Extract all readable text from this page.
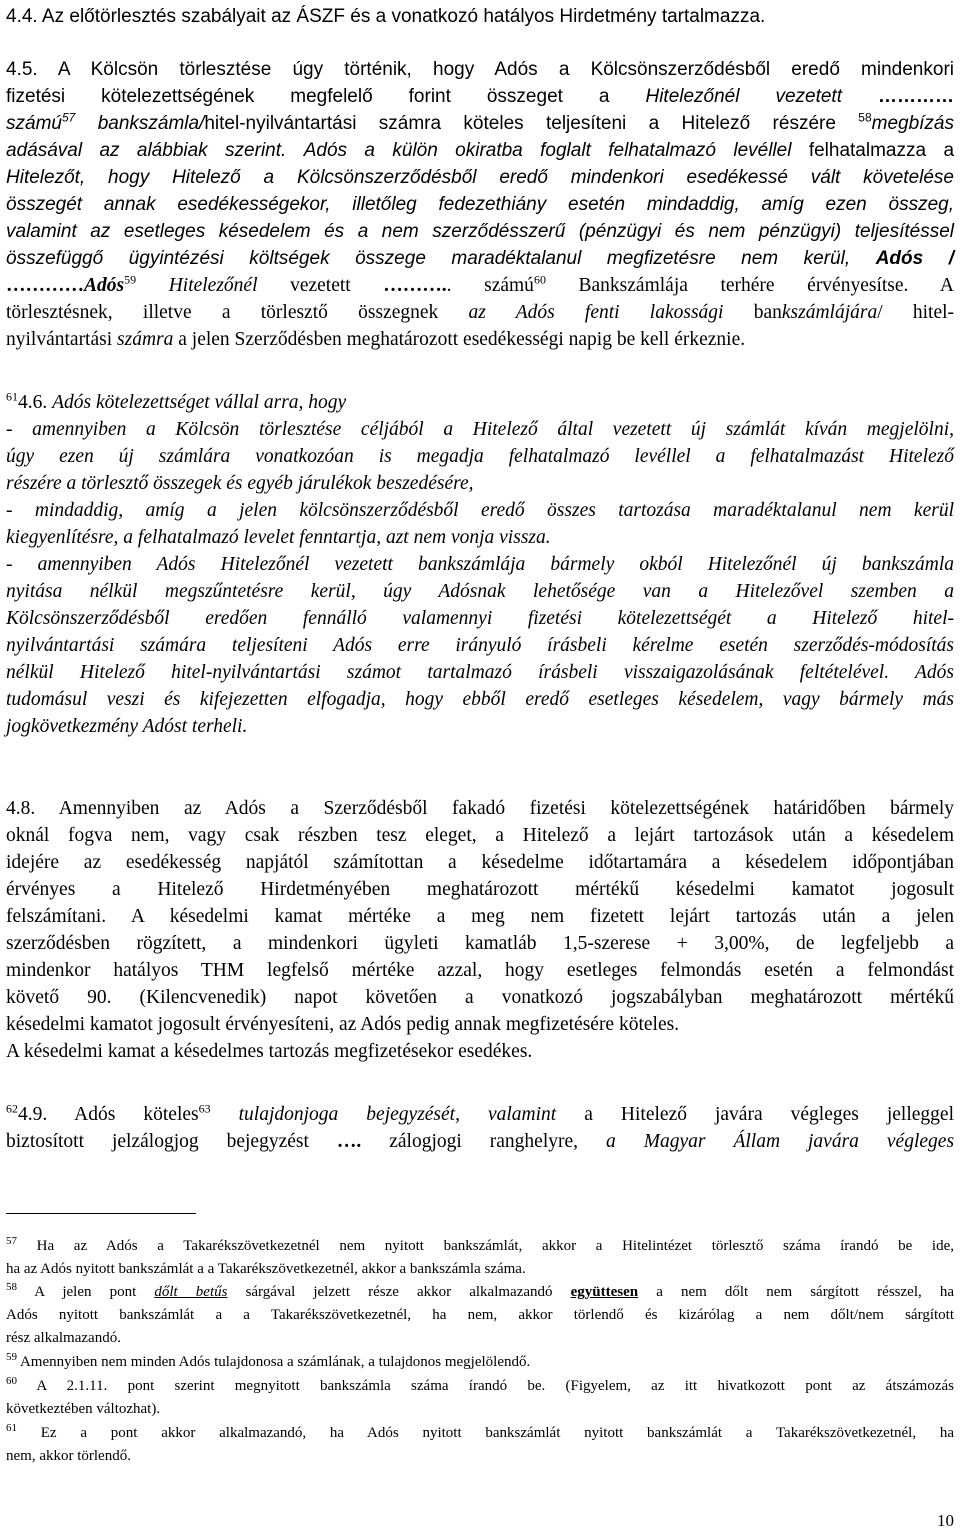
4.4. Az előtörlesztés szabályait az ÁSZF és a vonatkozó hatályos Hirdetmény tartalmazza.
4.5. A Kölcsön törlesztése úgy történik, hogy Adós a Kölcsönszerződésből eredő mindenkori
fizetési kötelezettségének megfelelő forint összeget a Hitelezőnél vezetett …………
számú$^{57}$ bankszámla/hitel-nyilvántartási számra köteles teljesíteni a Hitelező részére $^{58}$megbízás
adásával az alábbiak szerint. Adós a külön okiratba foglalt felhatalmazó levéllel felhatalmazza a
Hitelezőt, hogy Hitelező a Kölcsönszerződésből eredő mindenkori esedékessé vált követelése
összegét annak esedékességekor, illetőleg fedezethiány esetén mindaddig, amíg ezen összeg,
valamint az esetleges késedelem és a nem szerződésszerű (pénzügyi és nem pénzügyi) teljesítéssel
összefüggő ügyintézési költségek összege maradéktalanul megfizetésre nem kerül, Adós /
…………Adós$^{59}$ Hitelezőnél vezetett ……….. számú$^{60}$ Bankszámlája terhére érvényesítse. A
törlesztésnek, illetve a törlesztő összegnek az Adós fenti lakossági bankszámlájára/ hitel-
nyilvántartási számra a jelen Szerződésben meghatározott esedékességi napig be kell érkeznie.
$^{61}$4.6. Adós kötelezettséget vállal arra, hogy
- amennyiben a Kölcsön törlesztése céljából a Hitelező által vezetett új számlát kíván megjelölni,
úgy ezen új számlára vonatkozóan is megadja felhatalmazó levéllel a felhatalmazást Hitelező
részére a törlesztő összegek és egyéb járulékok beszedésére,
- mindaddig, amíg a jelen kölcsönszerződésből eredő összes tartozása maradéktalanul nem kerül
kiegyenlítésre, a felhatalmazó levelet fenntartja, azt nem vonja vissza.
- amennyiben Adós Hitelezőnél vezetett bankszámlája bármely okból Hitelezőnél új bankszámla
nyitása nélkül megszűntetésre kerül, úgy Adósnak lehetősége van a Hitelezővel szemben a
Kölcsönszerződésből eredően fennálló valamennyi fizetési kötelezettségét a Hitelező hitel-
nyilvántartási számára teljesíteni Adós erre irányuló írásbeli kérelme esetén szerződés-módosítás
nélkül Hitelező hitel-nyilvántartási számot tartalmazó írásbeli visszaigazolásának feltételével. Adós
tudomásul veszi és kifejezetten elfogadja, hogy ebből eredő esetleges késedelem, vagy bármely más
jogkövetkezmény Adóst terheli.
4.8. Amennyiben az Adós a Szerződésből fakadó fizetési kötelezettségének határidőben bármely
oknál fogva nem, vagy csak részben tesz eleget, a Hitelező a lejárt tartozások után a késedelem
idejére az esedékesség napjától számítottan a késedelme időtartamára a késedelem időpontjában
érvényes a Hitelező Hirdetményében meghatározott mértékű késedelmi kamatot jogosult
felszámítani. A késedelmi kamat mértéke a meg nem fizetett lejárt tartozás után a jelen
szerződésben rögzített, a mindenkori ügyleti kamatláb 1,5-szerese + 3,00%, de legfeljebb a
mindenkor hatályos THM legfelső mértéke azzal, hogy esetleges felmondás esetén a felmondást
követő 90. (Kilencvenedik) napot követően a vonatkozó jogszabályban meghatározott mértékű
késedelmi kamatot jogosult érvényesíteni, az Adós pedig annak megfizetésére köteles.
A késedelmi kamat a késedelmes tartozás megfizetésekor esedékes.
$^{62}$4.9. Adós köteles$^{63}$ tulajdonjoga bejegyzését, valamint a Hitelező javára végleges jelleggel
biztosított jelzálogjog bejegyzést …. zálogjogi ranghelyre, a Magyar Állam javára végleges
$^{57}$ Ha az Adós a Takarékszövetkezetnél nem nyitott bankszámlát, akkor a Hitelintézet törlesztő száma írandó be ide,
ha az Adós nyitott bankszámlát a a Takarékszövetkezetnél, akkor a bankszámla száma.
$^{58}$ A jelen pont dőlt betűs sárgával jelzett része akkor alkalmazandó együttesen a nem dőlt nem sárgított résszel, ha
Adós nyitott bankszámlát a a Takarékszövetkezetnél, ha nem, akkor törlendő és kizárólag a nem dőlt/nem sárgított
rész alkalmazandó.
$^{59}$ Amennyiben nem minden Adós tulajdonosa a számlának, a tulajdonos megjelölendő.
$^{60}$ A 2.1.11. pont szerint megnyitott bankszámla száma írandó be. (Figyelem, az itt hivatkozott pont az átszámozás
következtében változhat).
$^{61}$ Ez a pont akkor alkalmazandó, ha Adós nyitott bankszámlát nyitott bankszámlát a Takarékszövetkezetnél, ha
nem, akkor törlendő.
10
